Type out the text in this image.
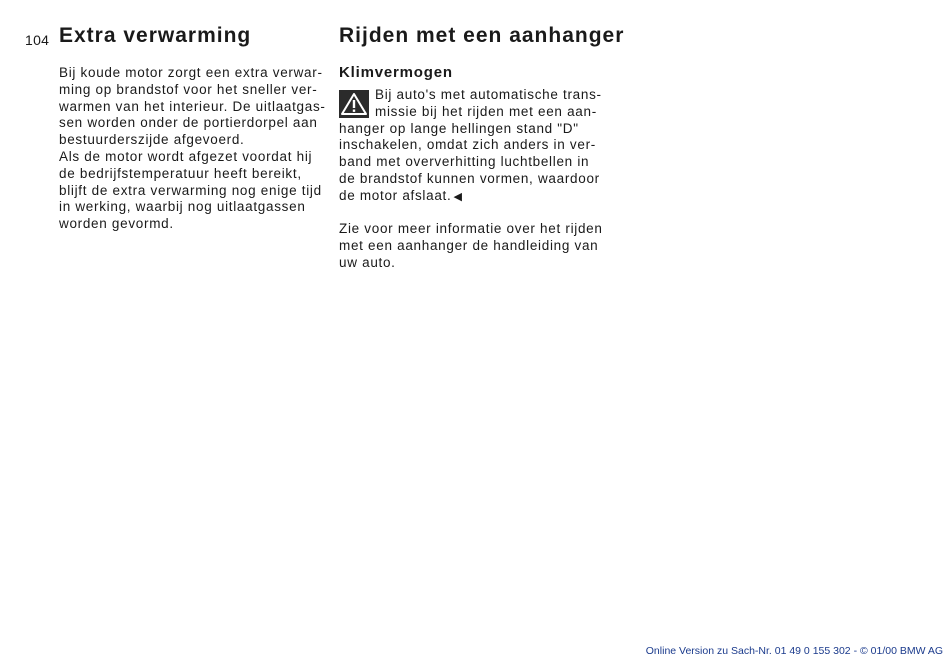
104 Extra verwarming
Bij koude motor zorgt een extra verwar-
ming op brandstof voor het sneller ver-
warmen van het interieur. De uitlaatgas-
sen worden onder de portierdorpel aan
bestuurderszijde afgevoerd.
Als de motor wordt afgezet voordat hij
de bedrijfstemperatuur heeft bereikt,
blijft de extra verwarming nog enige tijd
in werking, waarbij nog uitlaatgassen
worden gevormd.
Rijden met een aanhanger
Klimvermogen
Bij auto's met automatische trans-
missie bij het rijden met een aan-
hanger op lange hellingen stand "D"
inschakelen, omdat zich anders in ver-
band met oververhitting luchtbellen in
de brandstof kunnen vormen, waardoor
de motor afslaat. ◀
Zie voor meer informatie over het rijden
met een aanhanger de handleiding van
uw auto.
Online Version zu Sach-Nr. 01 49 0 155 302 - © 01/00 BMW AG
